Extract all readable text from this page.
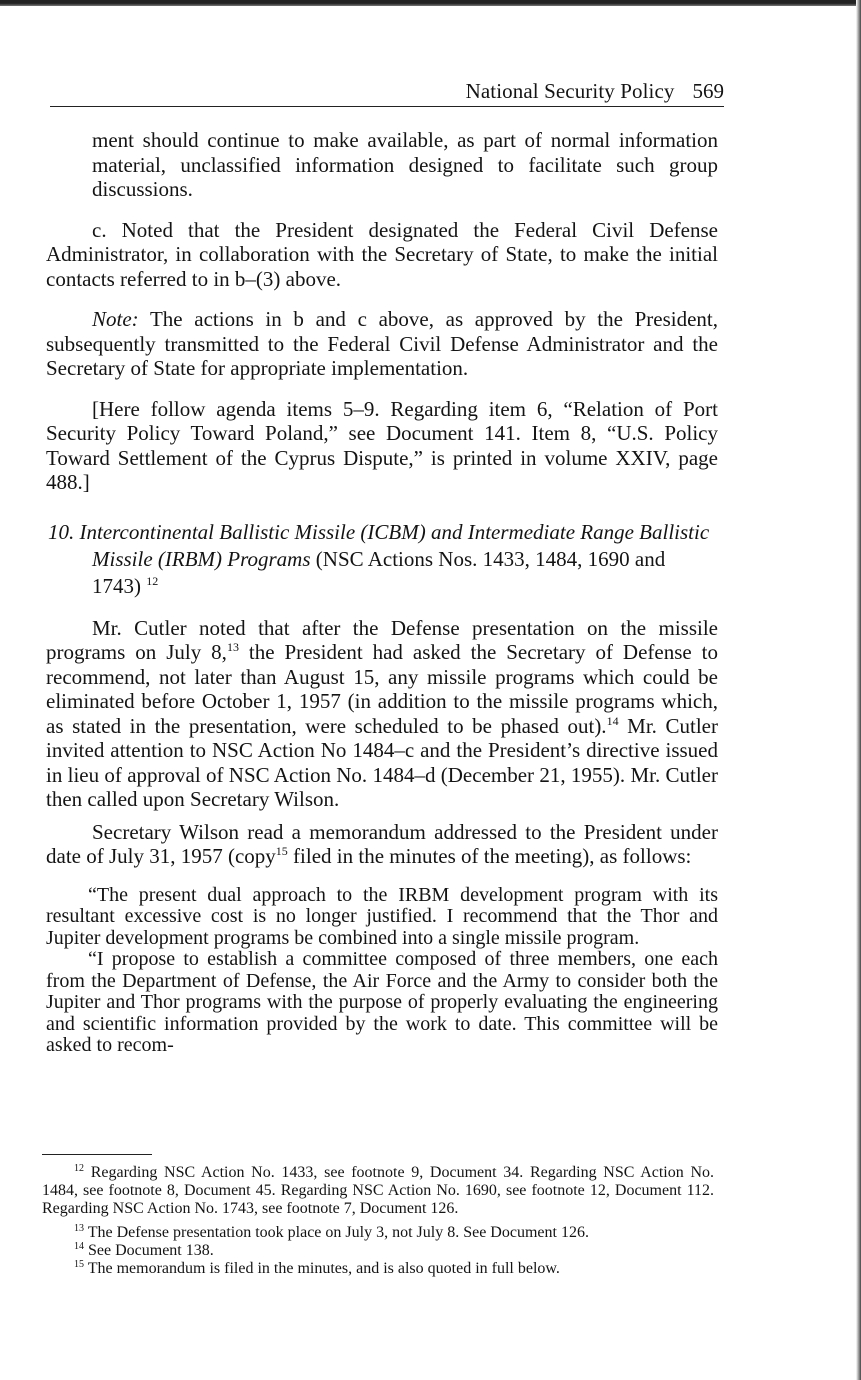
National Security Policy 569

ment should continue to make available, as part of normal information material, unclassified information designed to facilitate such group discussions.

c. Noted that the President designated the Federal Civil Defense Administrator, in collaboration with the Secretary of State, to make the initial contacts referred to in b–(3) above.

Note: The actions in b and c above, as approved by the President, subsequently transmitted to the Federal Civil Defense Administrator and the Secretary of State for appropriate implementation.

[Here follow agenda items 5–9. Regarding item 6, “Relation of Port Security Policy Toward Poland,” see Document 141. Item 8, “U.S. Policy Toward Settlement of the Cyprus Dispute,” is printed in volume XXIV, page 488.]

10. Intercontinental Ballistic Missile (ICBM) and Intermediate Range Ballistic Missile (IRBM) Programs (NSC Actions Nos. 1433, 1484, 1690 and 1743) $^{12}$

Mr. Cutler noted that after the Defense presentation on the missile programs on July 8,13 the President had asked the Secretary of Defense to recommend, not later than August 15, any missile programs which could be eliminated before October 1, 1957 (in addition to the missile programs which, as stated in the presentation, were scheduled to be phased out).$^{14}$ Mr. Cutler invited attention to NSC Action No 1484–c and the President’s directive issued in lieu of approval of NSC Action No. 1484–d (December 21, 1955). Mr. Cutler then called upon Secretary Wilson.

Secretary Wilson read a memorandum addressed to the President under date of July 31, 1957 (copy$^{15}$ filed in the minutes of the meeting), as follows:

“The present dual approach to the IRBM development program with its resultant excessive cost is no longer justified. I recommend that the Thor and Jupiter development programs be combined into a single missile program.

“I propose to establish a committee composed of three members, one each from the Department of Defense, the Air Force and the Army to consider both the Jupiter and Thor programs with the purpose of properly evaluating the engineering and scientific information provided by the work to date. This committee will be asked to recom-

$^{12}$ Regarding NSC Action No. 1433, see footnote 9, Document 34. Regarding NSC Action No. 1484, see footnote 8, Document 45. Regarding NSC Action No. 1690, see footnote 12, Document 112. Regarding NSC Action No. 1743, see footnote 7, Document 126.

$^{13}$ The Defense presentation took place on July 3, not July 8. See Document 126.

$^{14}$ See Document 138.

$^{15}$ The memorandum is filed in the minutes, and is also quoted in full below.
